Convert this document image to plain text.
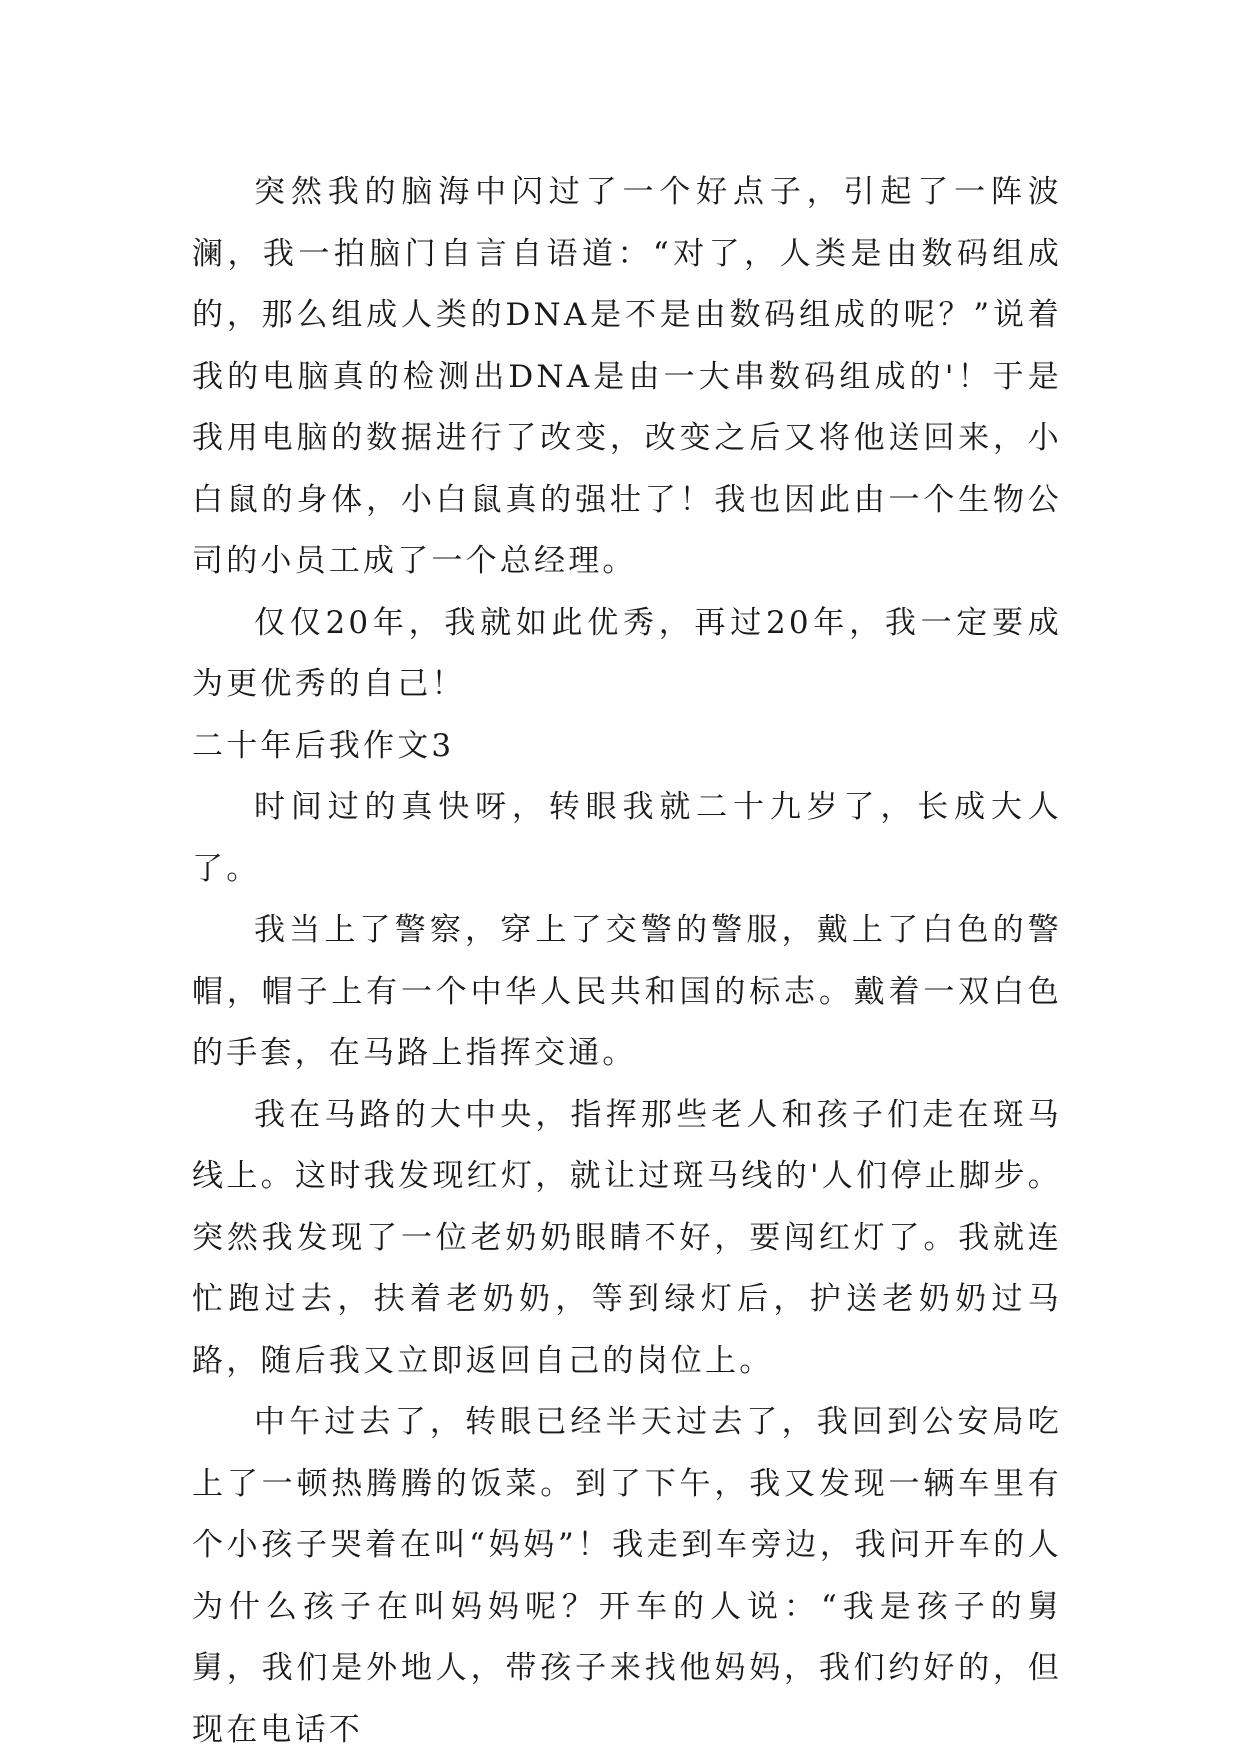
突然我的脑海中闪过了一个好点子，引起了一阵波澜，我一拍脑门自言自语道：“对了，人类是由数码组成的，那么组成人类的DNA是不是由数码组成的呢？”说着我的电脑真的检测出DNA是由一大串数码组成的'！于是我用电脑的数据进行了改变，改变之后又将他送回来，小白鼠的身体，小白鼠真的强壮了！我也因此由一个生物公司的小员工成了一个总经理。

仅仅20年，我就如此优秀，再过20年，我一定要成为更优秀的自己！

二十年后我作文3

时间过的真快呀，转眼我就二十九岁了，长成大人了。

我当上了警察，穿上了交警的警服，戴上了白色的警帽，帽子上有一个中华人民共和国的标志。戴着一双白色的手套，在马路上指挥交通。

我在马路的大中央，指挥那些老人和孩子们走在斑马线上。这时我发现红灯，就让过斑马线的'人们停止脚步。突然我发现了一位老奶奶眼睛不好，要闯红灯了。我就连忙跑过去，扶着老奶奶，等到绿灯后，护送老奶奶过马路，随后我又立即返回自己的岗位上。

中午过去了，转眼已经半天过去了，我回到公安局吃上了一顿热腾腾的饭菜。到了下午，我又发现一辆车里有个小孩子哭着在叫“妈妈”！我走到车旁边，我问开车的人为什么孩子在叫妈妈呢？开车的人说：“我是孩子的舅舅，我们是外地人，带孩子来找他妈妈，我们约好的，但现在电话不
